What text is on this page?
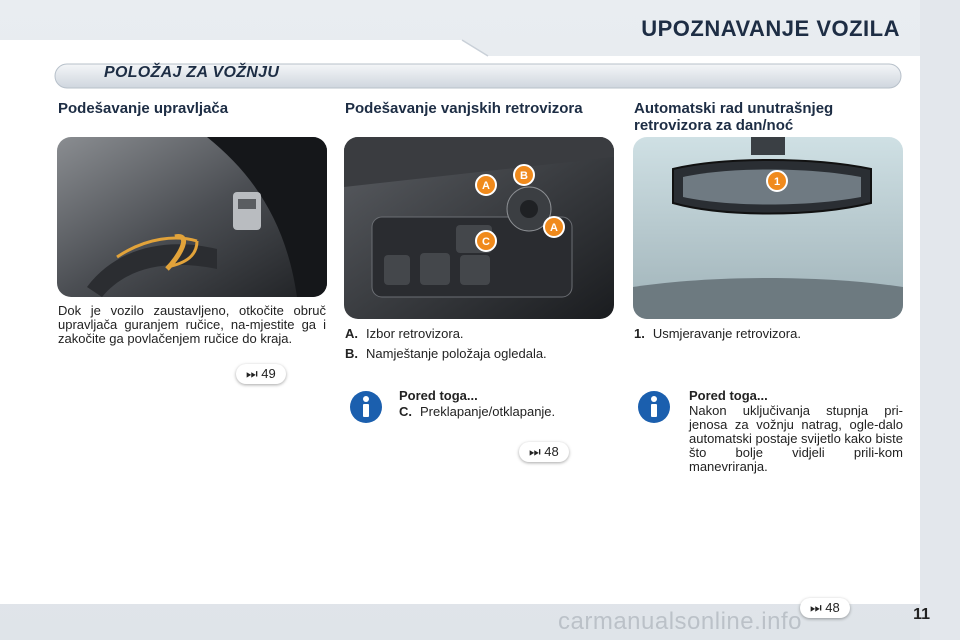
UPOZNAVANJE VOZILA
POLOŽAJ ZA VOŽNJU
Podešavanje upravljača
Dok je vozilo zaustavljeno, otkočite obruč upravljača guranjem ručice, na-mjestite ga i zakočite ga povlačenjem ručice do kraja.
⏭ 49
Podešavanje vanjskih retrovizora
A
B
C
A
A. Izbor retrovizora.
B. Namještanje položaja ogledala.
Pored toga...
C. Preklapanje/otklapanje.
⏭ 48
Automatski rad unutrašnjeg retrovizora za dan/noć
1
1. Usmjeravanje retrovizora.
Pored toga...
Nakon uključivanja stupnja pri-jenosa za vožnju natrag, ogle-dalo automatski postaje svijetlo kako biste što bolje vidjeli prili-kom manevriranja.
⏭ 48
carmanualsonline.info	11
